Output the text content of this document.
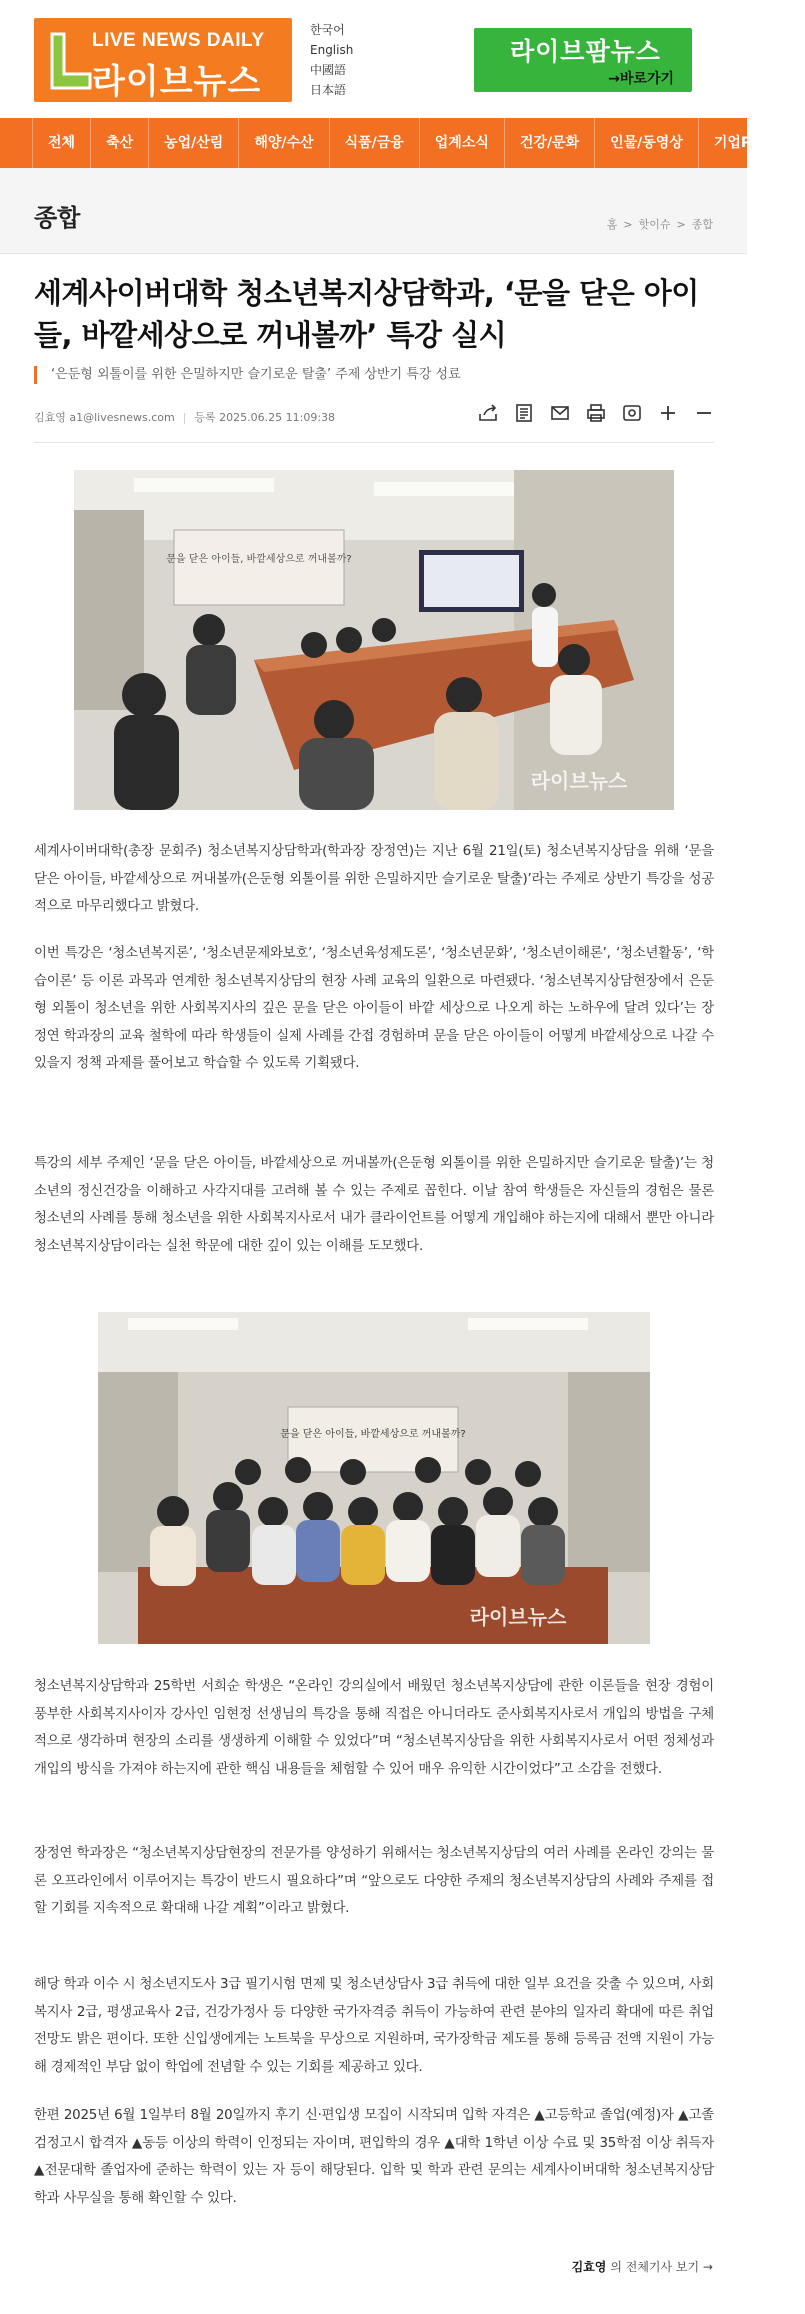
LIVE NEWS DAILY
라이브뉴스
한국어
English
中國語
日本語
라이브팜뉴스
→바로가기
전체	축산	농업/산림	해양/수산	식품/금융	업계소식	건강/문화	인물/동영상	기업PR코너
종합	홈 > 핫이슈 > 종합
세계사이버대학 청소년복지상담학과, ‘문을 닫은 아이들, 바깥세상으로 꺼내볼까’ 특강 실시
‘은둔형 외톨이를 위한 은밀하지만 슬기로운 탈출’ 주제 상반기 특강 성료
김효영 a1@livesnews.com | 등록 2025.06.25 11:09:38
문을 닫은 아이들, 바깥세상으로 꺼내볼까?
라이브뉴스
세계사이버대학(총장 문회주) 청소년복지상담학과(학과장 장정연)는 지난 6월 21일(토) 청소년복지상담을 위해 ‘문을 닫은 아이들, 바깥세상으로 꺼내볼까(은둔형 외톨이를 위한 은밀하지만 슬기로운 탈출)’라는 주제로 상반기 특강을 성공적으로 마무리했다고 밝혔다.
이번 특강은 ‘청소년복지론’, ‘청소년문제와보호’, ‘청소년육성제도론’, ‘청소년문화’, ‘청소년이해론’, ‘청소년활동’, ‘학습이론’ 등 이론 과목과 연계한 청소년복지상담의 현장 사례 교육의 일환으로 마련됐다. ‘청소년복지상담현장에서 은둔형 외톨이 청소년을 위한 사회복지사의 깊은 문을 닫은 아이들이 바깥 세상으로 나오게 하는 노하우에 달려 있다’는 장정연 학과장의 교육 철학에 따라 학생들이 실제 사례를 간접 경험하며 문을 닫은 아이들이 어떻게 바깥세상으로 나갈 수 있을지 정책 과제를 풀어보고 학습할 수 있도록 기획됐다.
특강의 세부 주제인 ‘문을 닫은 아이들, 바깥세상으로 꺼내볼까(은둔형 외톨이를 위한 은밀하지만 슬기로운 탈출)’는 청소년의 정신건강을 이해하고 사각지대를 고려해 볼 수 있는 주제로 꼽힌다. 이날 참여 학생들은 자신들의 경험은 물론 청소년의 사례를 통해 청소년을 위한 사회복지사로서 내가 클라이언트를 어떻게 개입해야 하는지에 대해서 뿐만 아니라 청소년복지상담이라는 실천 학문에 대한 깊이 있는 이해를 도모했다.
문을 닫은 아이들, 바깥세상으로 꺼내볼까?
라이브뉴스
청소년복지상담학과 25학번 서희순 학생은 “온라인 강의실에서 배웠던 청소년복지상담에 관한 이론들을 현장 경험이 풍부한 사회복지사이자 강사인 임현정 선생님의 특강을 통해 직접은 아니더라도 준사회복지사로서 개입의 방법을 구체적으로 생각하며 현장의 소리를 생생하게 이해할 수 있었다”며 “청소년복지상담을 위한 사회복지사로서 어떤 정체성과 개입의 방식을 가져야 하는지에 관한 핵심 내용들을 체험할 수 있어 매우 유익한 시간이었다”고 소감을 전했다.
장정연 학과장은 “청소년복지상담현장의 전문가를 양성하기 위해서는 청소년복지상담의 여러 사례를 온라인 강의는 물론 오프라인에서 이루어지는 특강이 반드시 필요하다”며 “앞으로도 다양한 주제의 청소년복지상담의 사례와 주제를 접할 기회를 지속적으로 확대해 나갈 계획”이라고 밝혔다.
해당 학과 이수 시 청소년지도사 3급 필기시험 면제 및 청소년상담사 3급 취득에 대한 일부 요건을 갖출 수 있으며, 사회복지사 2급, 평생교육사 2급, 건강가정사 등 다양한 국가자격증 취득이 가능하여 관련 분야의 일자리 확대에 따른 취업 전망도 밝은 편이다. 또한 신입생에게는 노트북을 무상으로 지원하며, 국가장학금 제도를 통해 등록금 전액 지원이 가능해 경제적인 부담 없이 학업에 전념할 수 있는 기회를 제공하고 있다.
한편 2025년 6월 1일부터 8월 20일까지 후기 신·편입생 모집이 시작되며 입학 자격은 ▲고등학교 졸업(예정)자 ▲고졸 검정고시 합격자 ▲동등 이상의 학력이 인정되는 자이며, 편입학의 경우 ▲대학 1학년 이상 수료 및 35학점 이상 취득자 ▲전문대학 졸업자에 준하는 학력이 있는 자 등이 해당된다. 입학 및 학과 관련 문의는 세계사이버대학 청소년복지상담학과 사무실을 통해 확인할 수 있다.
김효영 의 전체기사 보기 →
